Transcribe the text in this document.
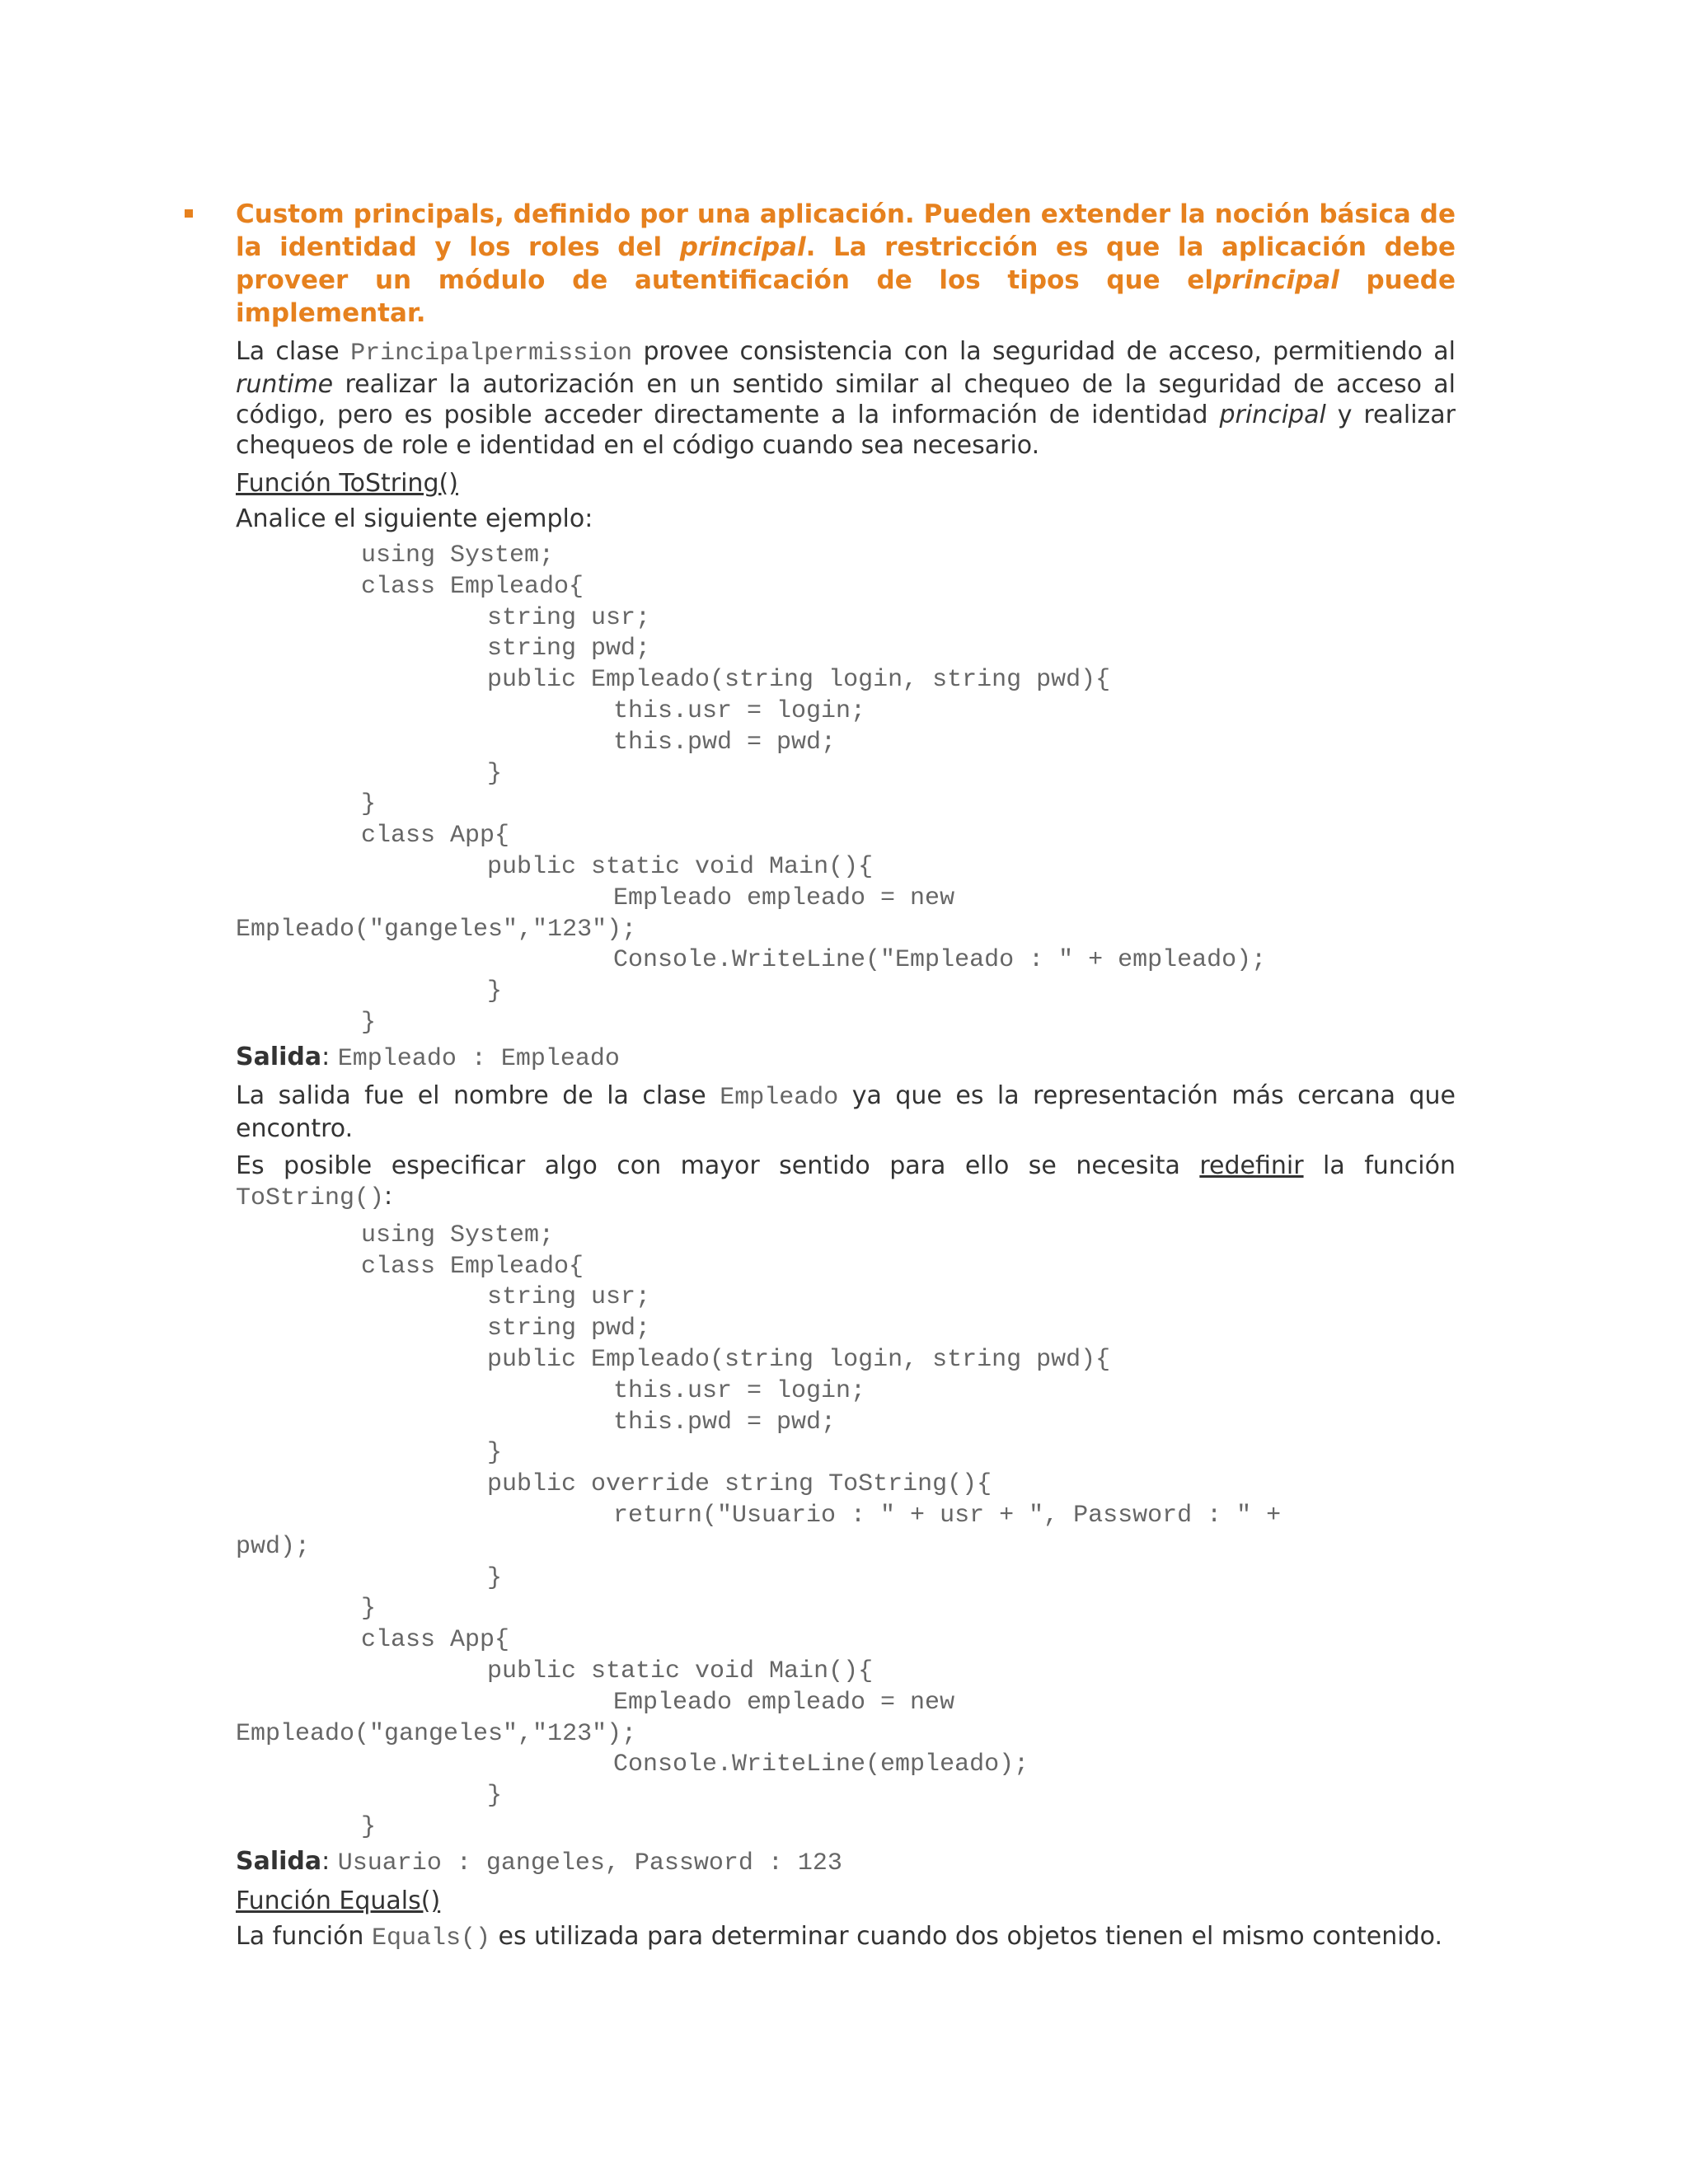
Custom principals, definido por una aplicación. Pueden extender la noción básica de la identidad y los roles del principal. La restricción es que la aplicación debe proveer un módulo de autentificación de los tipos que elprincipal puede implementar.
La clase Principalpermission provee consistencia con la seguridad de acceso, permitiendo al runtime realizar la autorización en un sentido similar al chequeo de la seguridad de acceso al código, pero es posible acceder directamente a la información de identidad principal y realizar chequeos de role e identidad en el código cuando sea necesario.
Función ToString()
Analice el siguiente ejemplo:
using System;
class Empleado{
string usr;
string pwd;
public Empleado(string login, string pwd){
this.usr = login;
this.pwd = pwd;
}
}
class App{
public static void Main(){
Empleado empleado = new
Empleado("gangeles","123");
Console.WriteLine("Empleado : " + empleado);
}
}
Salida: Empleado : Empleado
La salida fue el nombre de la clase Empleado ya que es la representación más cercana que encontro.
Es posible especificar algo con mayor sentido para ello se necesita redefinir la función ToString():
using System;
class Empleado{
string usr;
string pwd;
public Empleado(string login, string pwd){
this.usr = login;
this.pwd = pwd;
}
public override string ToString(){
return("Usuario : " + usr + ", Password : " +
pwd);
}
}
class App{
public static void Main(){
Empleado empleado = new
Empleado("gangeles","123");
Console.WriteLine(empleado);
}
}
Salida: Usuario : gangeles, Password : 123
Función Equals()
La función Equals() es utilizada para determinar cuando dos objetos tienen el mismo contenido.
